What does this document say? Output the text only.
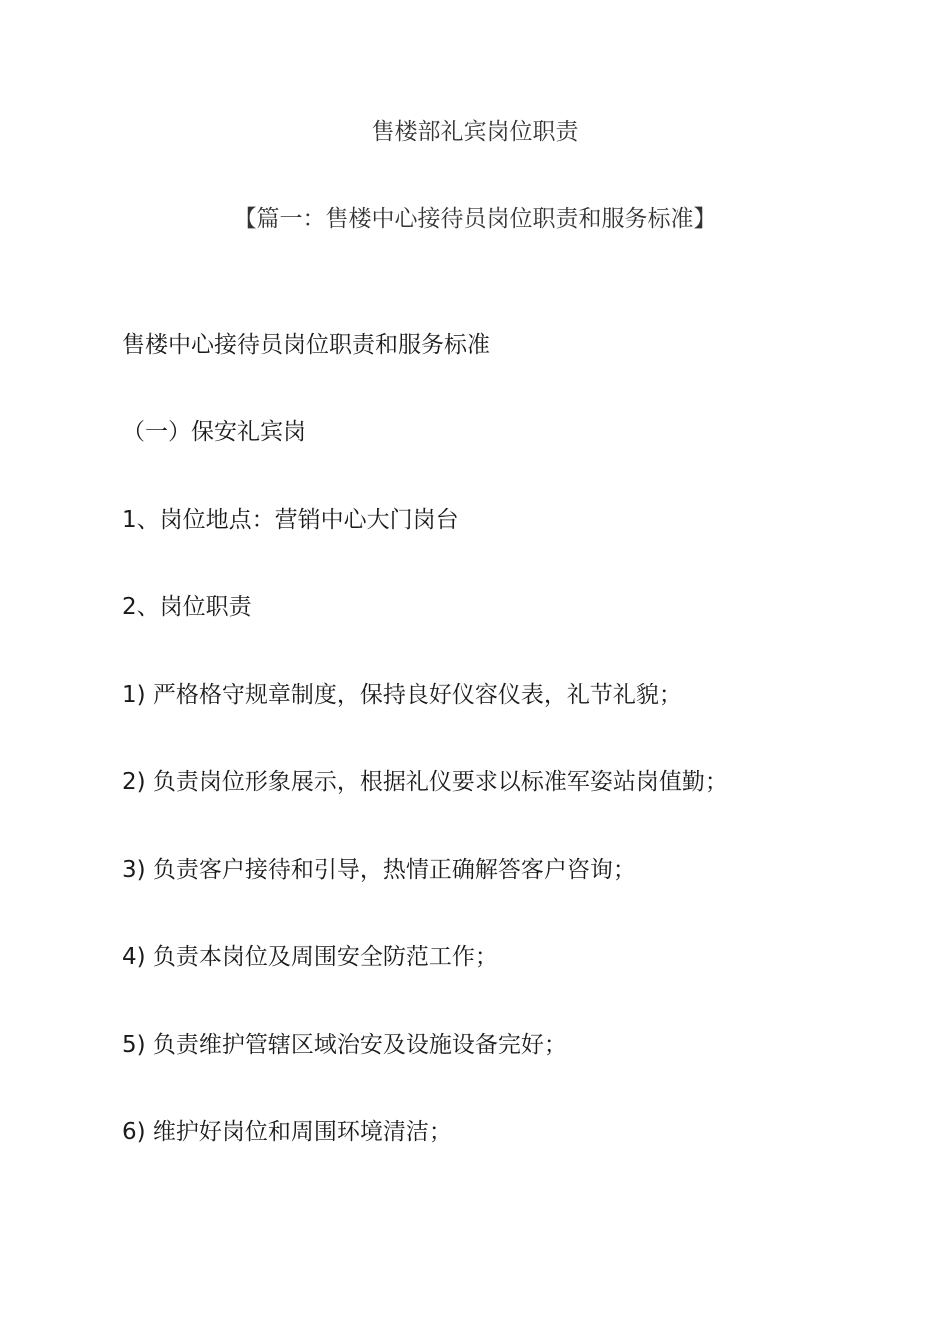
售楼部礼宾岗位职责
【篇一：售楼中心接待员岗位职责和服务标准】
售楼中心接待员岗位职责和服务标准
（一）保安礼宾岗
1、岗位地点：营销中心大门岗台
2、岗位职责
1) 严格格守规章制度，保持良好仪容仪表，礼节礼貌；
2) 负责岗位形象展示，根据礼仪要求以标准军姿站岗值勤；
3) 负责客户接待和引导，热情正确解答客户咨询；
4) 负责本岗位及周围安全防范工作；
5) 负责维护管辖区域治安及设施设备完好；
6) 维护好岗位和周围环境清洁；
